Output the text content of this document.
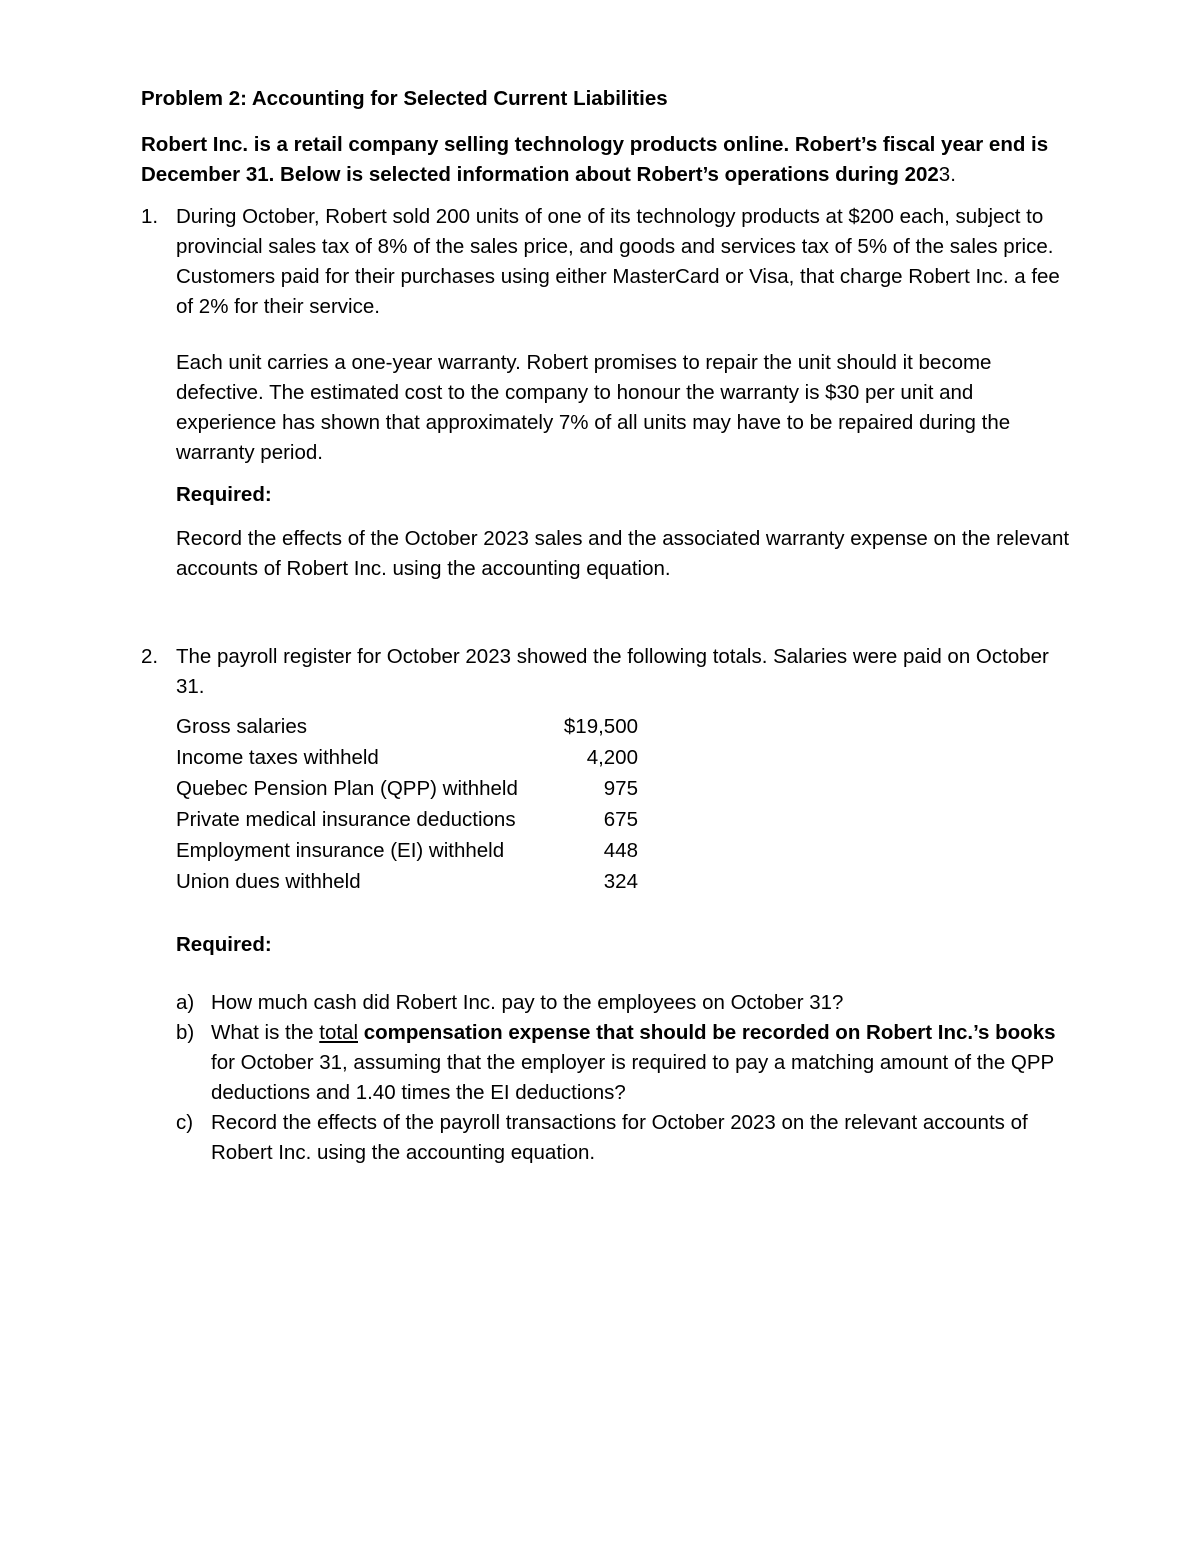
Problem 2: Accounting for Selected Current Liabilities
Robert Inc. is a retail company selling technology products online. Robert’s fiscal year end is December 31. Below is selected information about Robert’s operations during 2023.
1. During October, Robert sold 200 units of one of its technology products at $200 each, subject to provincial sales tax of 8% of the sales price, and goods and services tax of 5% of the sales price. Customers paid for their purchases using either MasterCard or Visa, that charge Robert Inc. a fee of 2% for their service.

Each unit carries a one-year warranty. Robert promises to repair the unit should it become defective. The estimated cost to the company to honour the warranty is $30 per unit and experience has shown that approximately 7% of all units may have to be repaired during the warranty period.

Required:

Record the effects of the October 2023 sales and the associated warranty expense on the relevant accounts of Robert Inc. using the accounting equation.

2. The payroll register for October 2023 showed the following totals. Salaries were paid on October 31.

Gross salaries	$19,500
Income taxes withheld	4,200
Quebec Pension Plan (QPP) withheld	975
Private medical insurance deductions	675
Employment insurance (EI) withheld	448
Union dues withheld	324

Required:

a) How much cash did Robert Inc. pay to the employees on October 31?
b) What is the total compensation expense that should be recorded on Robert Inc.’s books for October 31, assuming that the employer is required to pay a matching amount of the QPP deductions and 1.40 times the EI deductions?
c) Record the effects of the payroll transactions for October 2023 on the relevant accounts of Robert Inc. using the accounting equation.
